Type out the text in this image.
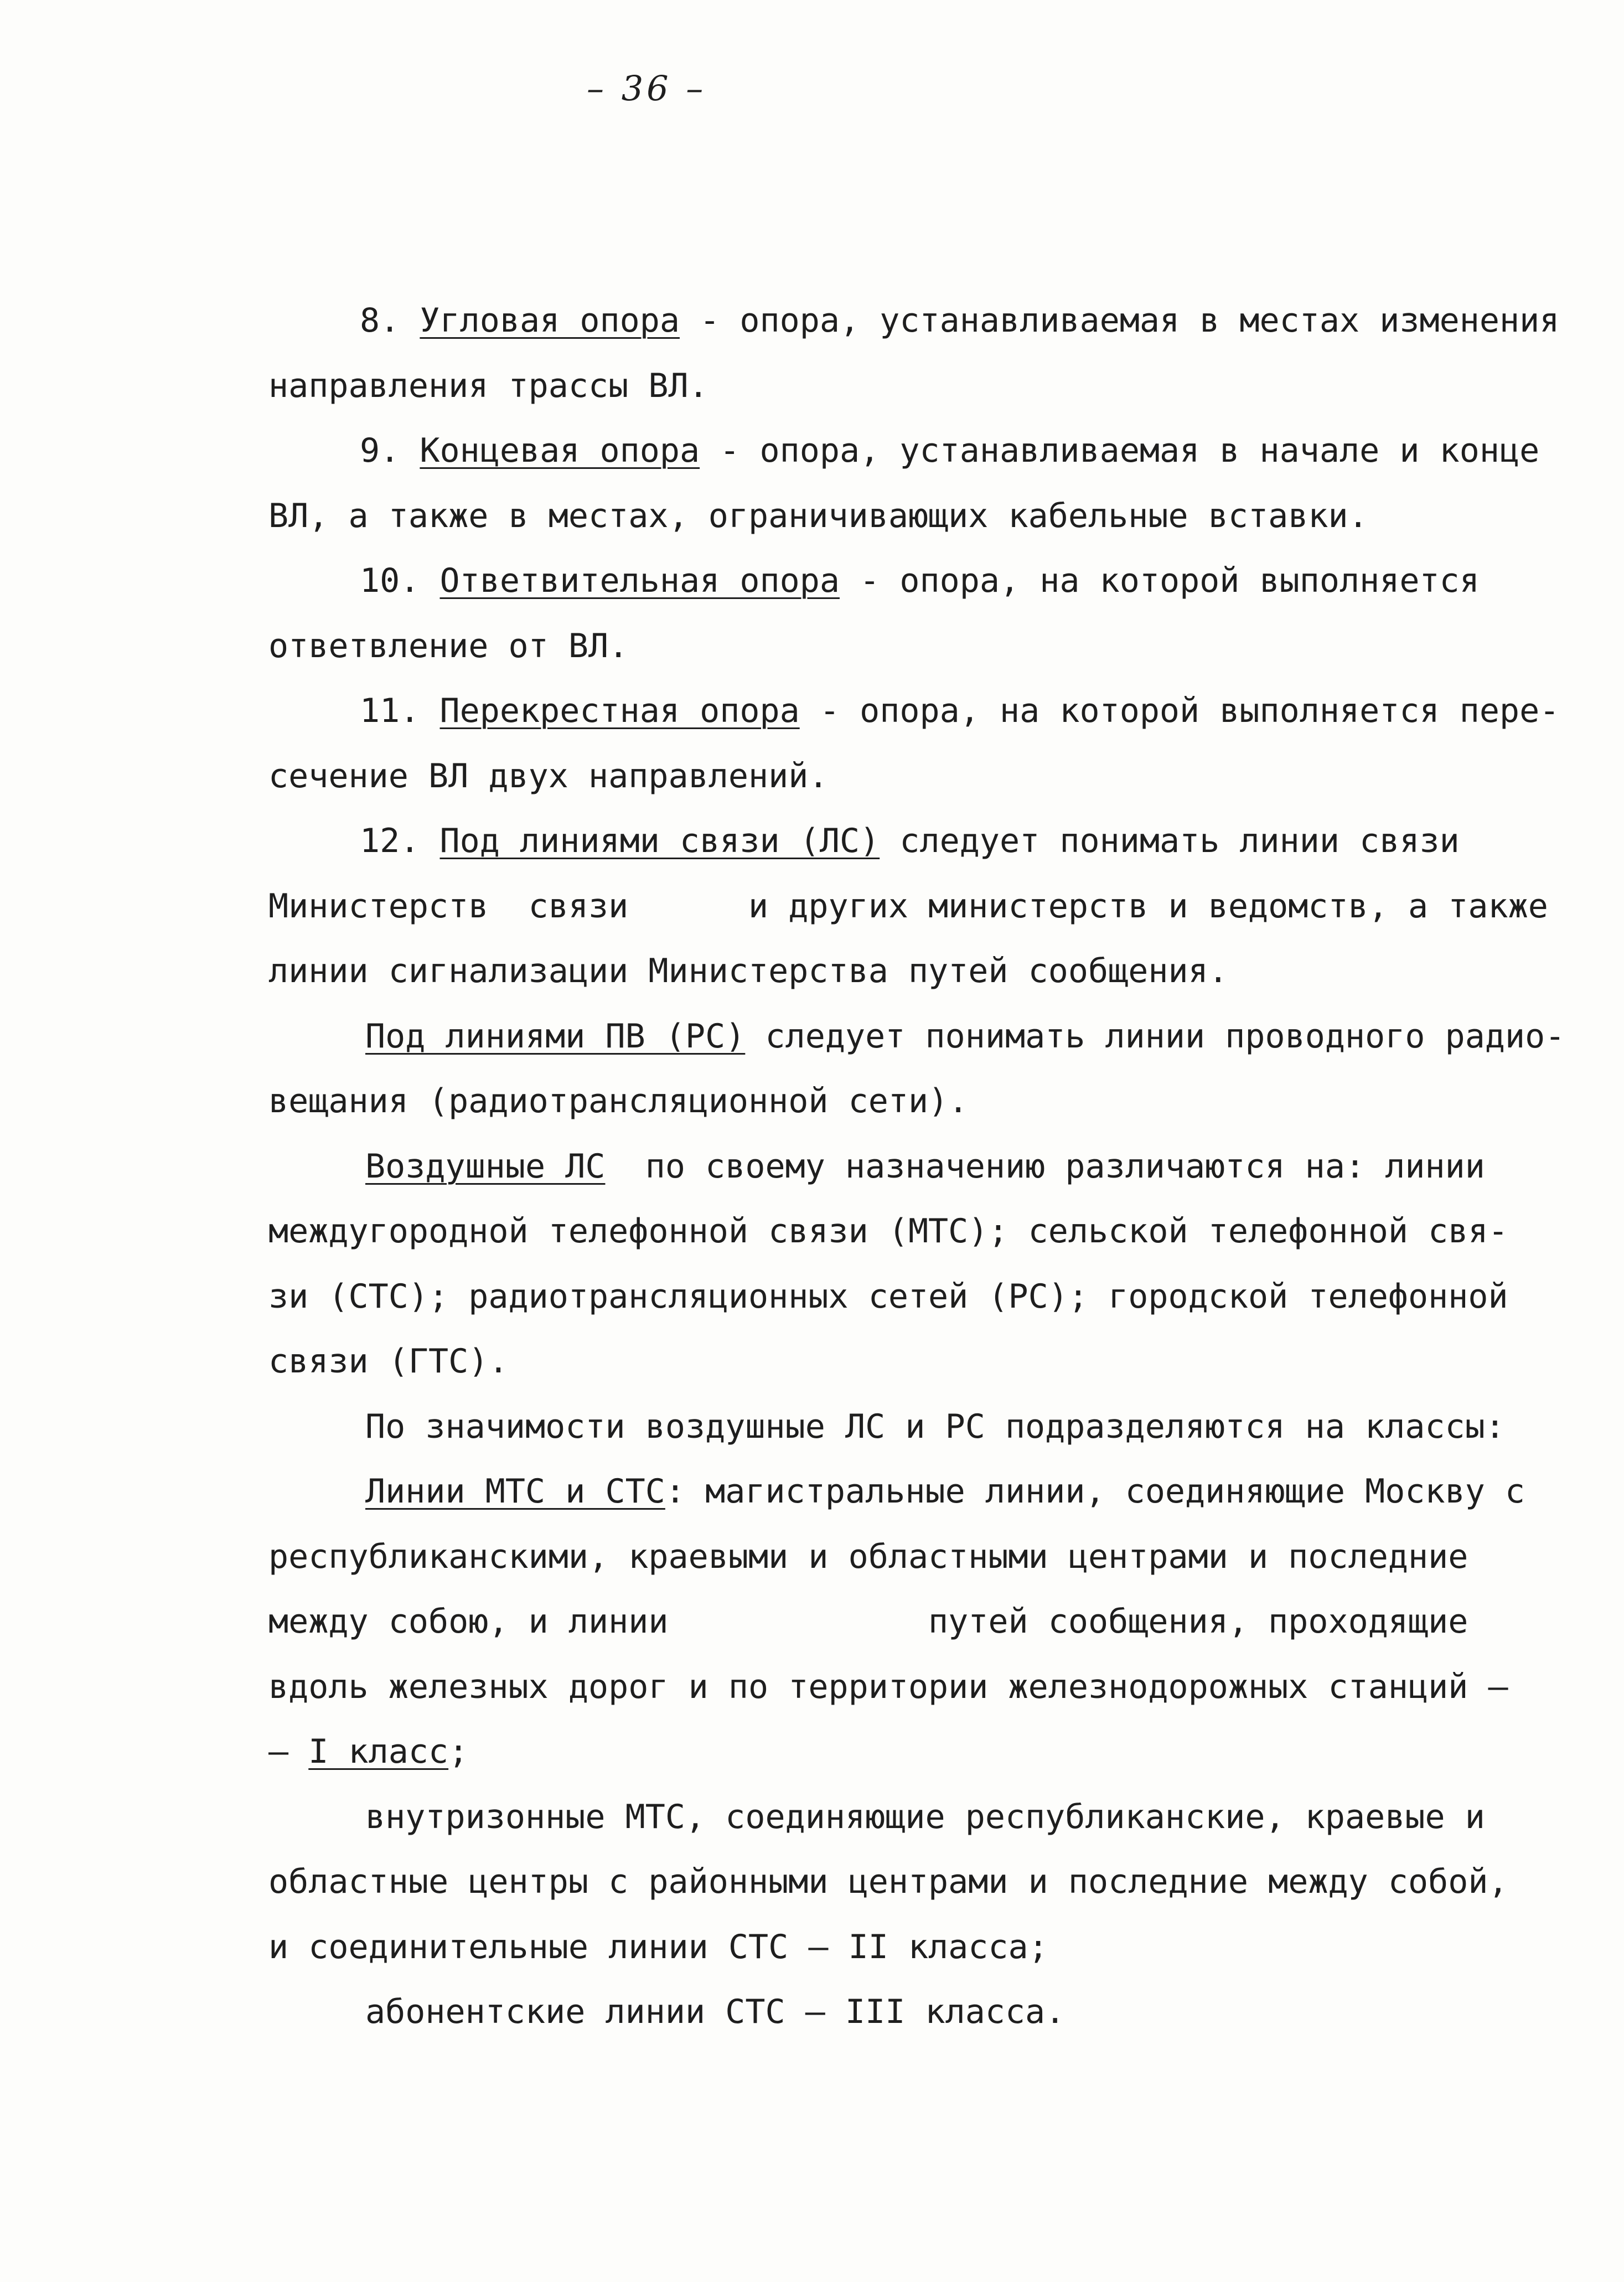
– 36 –
8. Угловая опора - опора, устанавливаемая в местах изменения
направления трассы ВЛ.
9. Концевая опора - опора, устанавливаемая в начале и конце
ВЛ, а также в местах, ограничивающих кабельные вставки.
10. Ответвительная опора - опора, на которой выполняется
ответвление от ВЛ.
11. Перекрестная опора - опора, на которой выполняется пере-
сечение ВЛ двух направлений.
12. Под линиями связи (ЛС) следует понимать линии связи
Министерств  связи      и других министерств и ведомств, а также
линии сигнализации Министерства путей сообщения.
Под линиями ПВ (РС) следует понимать линии проводного радио-
вещания (радиотрансляционной сети).
Воздушные ЛС по своему назначению различаются на: линии
междугородной телефонной связи (МТС); сельской телефонной свя-
зи (СТС); радиотрансляционных сетей (РС); городской телефонной
связи (ГТС).
По значимости воздушные ЛС и РС подразделяются на классы:
Линии МТС и СТС: магистральные линии, соединяющие Москву с
республиканскими, краевыми и областными центрами и последние
между собою, и линии             путей сообщения, проходящие
вдоль железных дорог и по территории железнодорожных станций –
– I класс;
внутризонные МТС, соединяющие республиканские, краевые и
областные центры с районными центрами и последние между собой,
и соединительные линии СТС – II класса;
абонентские линии СТС – III класса.
